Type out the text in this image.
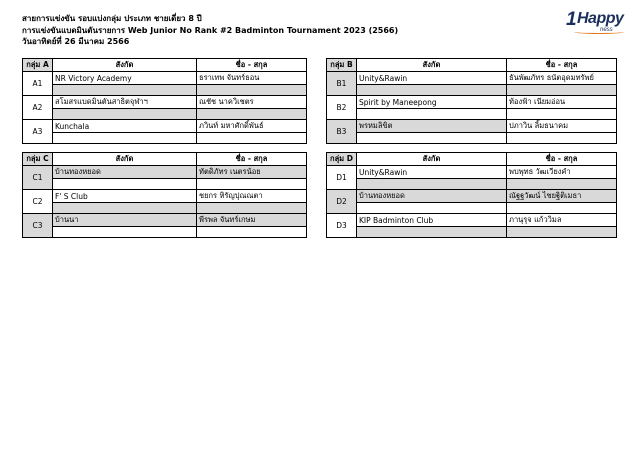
สายการแข่งขัน รอบแบ่งกลุ่ม ประเภท ชายเดี่ยว 8 ปี
การแข่งขันแบดมินตันรายการ Web Junior No Rank #2 Badminton Tournament 2023 (2566)
วันอาทิตย์ที่ 26 มีนาคม 2566
1 Happy
ness
กลุ่ม A	สังกัด	ชื่อ - สกุล
A1	NR Victory Academy	ธราเทพ จันทร์ธอน

A2	สโมสรแบดมินตันสาธิตจุฬาฯ	ณชัช นาควิเชตร

A3	Kunchala	ภวินท์ มหาศักดิ์พันธ์

กลุ่ม B	สังกัด	ชื่อ - สกุล
B1	Unity&Rawin	ธันพัฒภัทร ธนัตอุดมทรัพย์

B2	Spirit by Maneepong	ท้องฟ้า เนียมอ่อน

B3	พรหมลิขิต	ปภาวิน ลิ้มธนาคม

กลุ่ม C	สังกัด	ชื่อ - สกุล
C1	บ้านทองหยอด	ทัตดิภัทร เนตรน้อย

C2	F' S Club	ชยกร หิรัญปุณณตา

C3	บ้านนา	พีรพล จันทร์เกษม

กลุ่ม D	สังกัด	ชื่อ - สกุล
D1	Unity&Rawin	พบพุทธ วัฒเวียงคำ

D2	บ้านทองหยอด	ณัฐฐวัฒน์ ไชยฐิติเมธา

D3	KIP Badminton Club	ภานุรุจ แก้ววิมล
